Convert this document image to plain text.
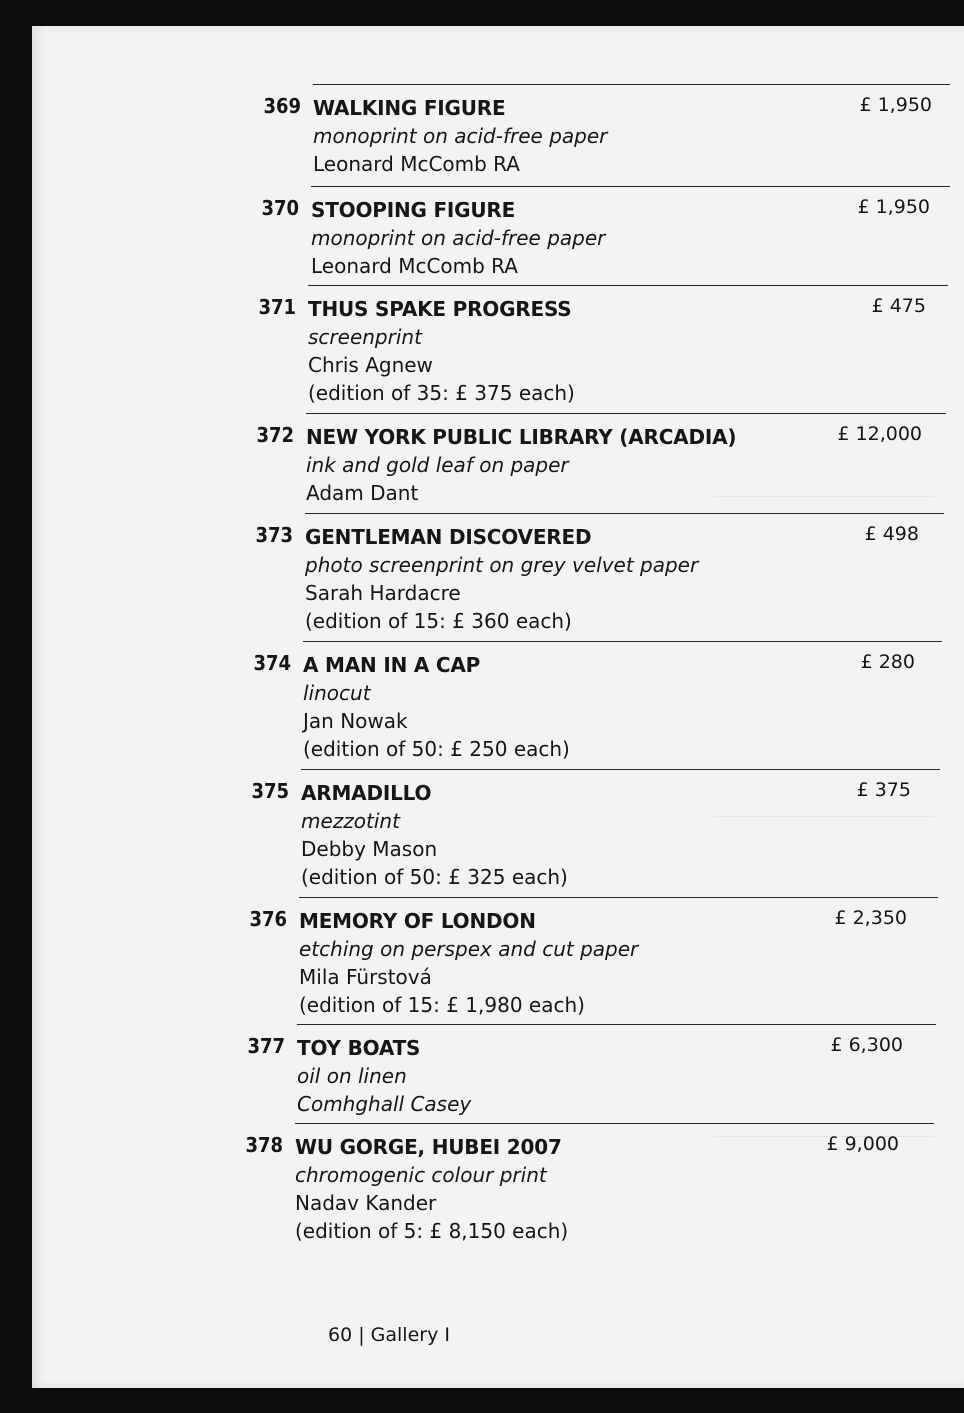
369 WALKING FIGURE
monoprint on acid-free paper
Leonard McComb RA
£ 1,950
370 STOOPING FIGURE
monoprint on acid-free paper
Leonard McComb RA
£ 1,950
371 THUS SPAKE PROGRESS
screenprint
Chris Agnew
(edition of 35: £ 375 each)
£ 475
372 NEW YORK PUBLIC LIBRARY (ARCADIA)
ink and gold leaf on paper
Adam Dant
£ 12,000
373 GENTLEMAN DISCOVERED
photo screenprint on grey velvet paper
Sarah Hardacre
(edition of 15: £ 360 each)
£ 498
374 A MAN IN A CAP
linocut
Jan Nowak
(edition of 50: £ 250 each)
£ 280
375 ARMADILLO
mezzotint
Debby Mason
(edition of 50: £ 325 each)
£ 375
376 MEMORY OF LONDON
etching on perspex and cut paper
Mila Fürstová
(edition of 15: £ 1,980 each)
£ 2,350
377 TOY BOATS
oil on linen
Comhghall Casey
£ 6,300
378 WU GORGE, HUBEI 2007
chromogenic colour print
Nadav Kander
(edition of 5: £ 8,150 each)
£ 9,000
60 | Gallery I
